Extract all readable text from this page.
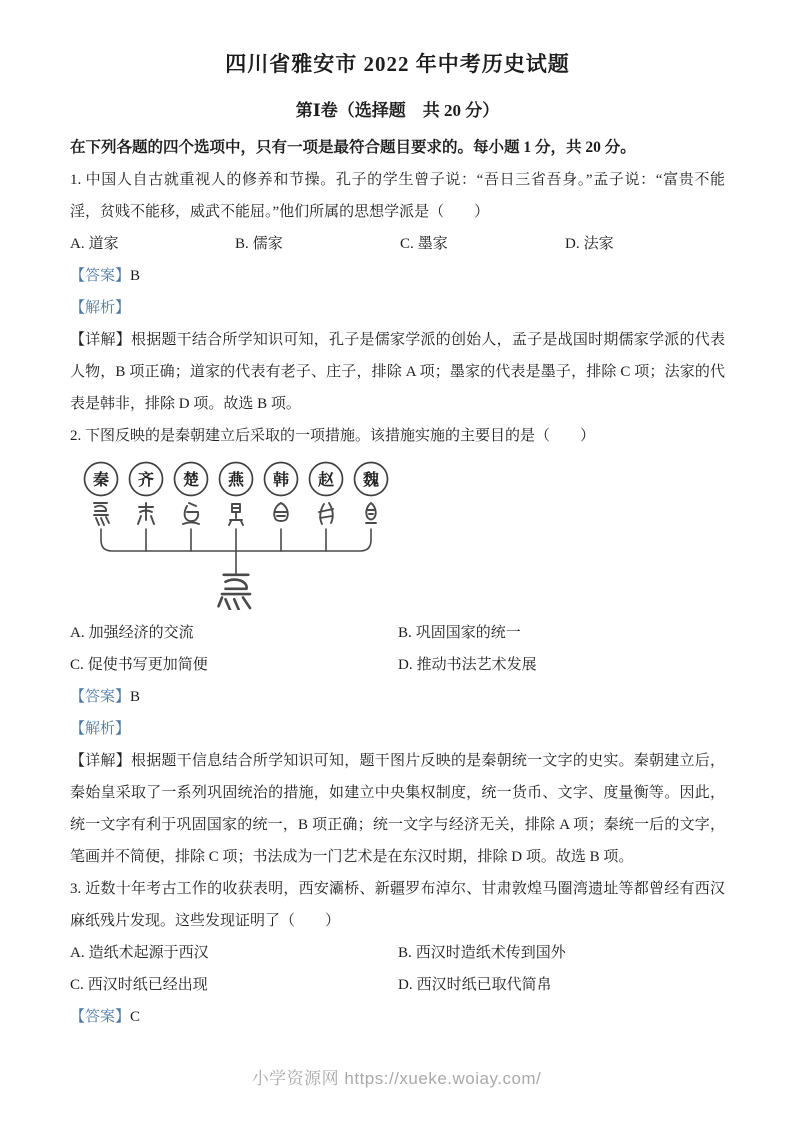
四川省雅安市 2022 年中考历史试题
第Ⅰ卷（选择题　共 20 分）

在下列各题的四个选项中，只有一项是最符合题目要求的。每小题 1 分，共 20 分。

1. 中国人自古就重视人的修养和节操。孔子的学生曾子说：“吾日三省吾身。”孟子说：“富贵不能淫，贫贱不能移，威武不能屈。”他们所属的思想学派是（　　）

A. 道家	B. 儒家	C. 墨家	D. 法家

【答案】B

【解析】

【详解】根据题干结合所学知识可知，孔子是儒家学派的创始人，孟子是战国时期儒家学派的代表人物，B 项正确；道家的代表有老子、庄子，排除 A 项；墨家的代表是墨子，排除 C 项；法家的代表是韩非，排除 D 项。故选 B 项。

2. 下图反映的是秦朝建立后采取的一项措施。该措施实施的主要目的是（　　）

秦 齐 楚 燕 韩 赵 魏
A. 加强经济的交流	B. 巩固国家的统一
C. 促使书写更加简便	D. 推动书法艺术发展

【答案】B

【解析】

【详解】根据题干信息结合所学知识可知，题干图片反映的是秦朝统一文字的史实。秦朝建立后，秦始皇采取了一系列巩固统治的措施，如建立中央集权制度，统一货币、文字、度量衡等。因此，统一文字有利于巩固国家的统一，B 项正确；统一文字与经济无关，排除 A 项；秦统一后的文字，笔画并不简便，排除 C 项；书法成为一门艺术是在东汉时期，排除 D 项。故选 B 项。

3. 近数十年考古工作的收获表明，西安灞桥、新疆罗布淖尔、甘肃敦煌马圈湾遗址等都曾经有西汉麻纸残片发现。这些发现证明了（　　）

A. 造纸术起源于西汉	B. 西汉时造纸术传到国外
C. 西汉时纸已经出现	D. 西汉时纸已取代简帛

【答案】C

小学资源网 https://xueke.woiay.com/
